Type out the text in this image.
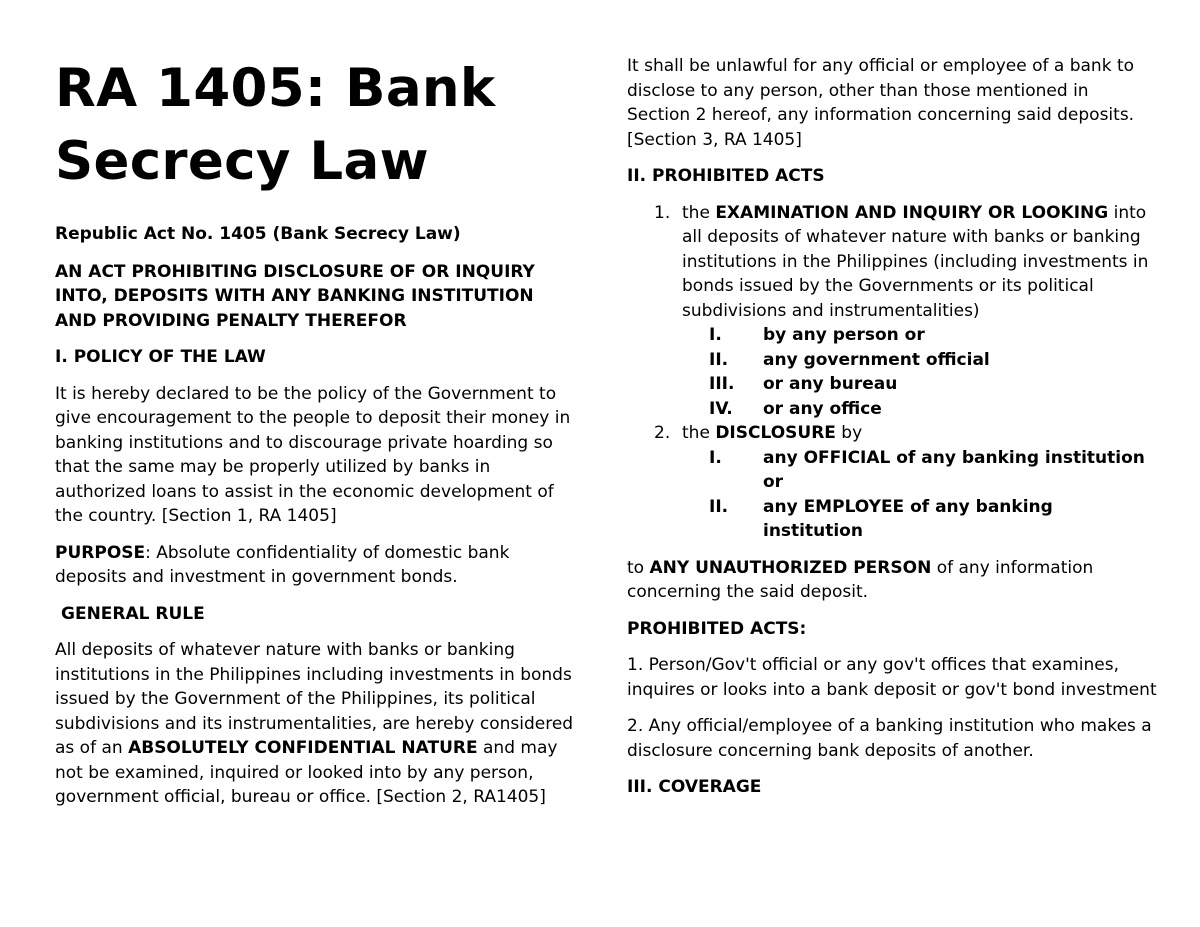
RA 1405: Bank
Secrecy Law

Republic Act No. 1405 (Bank Secrecy Law)

AN ACT PROHIBITING DISCLOSURE OF OR INQUIRY INTO, DEPOSITS WITH ANY BANKING INSTITUTION AND PROVIDING PENALTY THEREFOR

I. POLICY OF THE LAW

It is hereby declared to be the policy of the Government to give encouragement to the people to deposit their money in banking institutions and to discourage private hoarding so that the same may be properly utilized by banks in authorized loans to assist in the economic development of the country. [Section 1, RA 1405]

PURPOSE: Absolute confidentiality of domestic bank deposits and investment in government bonds.

GENERAL RULE

All deposits of whatever nature with banks or banking institutions in the Philippines including investments in bonds issued by the Government of the Philippines, its political subdivisions and its instrumentalities, are hereby considered as of an ABSOLUTELY CONFIDENTIAL NATURE and may not be examined, inquired or looked into by any person, government official, bureau or office. [Section 2, RA1405]

It shall be unlawful for any official or employee of a bank to disclose to any person, other than those mentioned in Section 2 hereof, any information concerning said deposits. [Section 3, RA 1405]

II. PROHIBITED ACTS

1. the EXAMINATION AND INQUIRY OR LOOKING into all deposits of whatever nature with banks or banking institutions in the Philippines (including investments in bonds issued by the Governments or its political subdivisions and instrumentalities)
I. by any person or
II. any government official
III. or any bureau
IV. or any office
2. the DISCLOSURE by
I. any OFFICIAL of any banking institution or
II. any EMPLOYEE of any banking institution

to ANY UNAUTHORIZED PERSON of any information concerning the said deposit.

PROHIBITED ACTS:

1. Person/Gov't official or any gov't offices that examines, inquires or looks into a bank deposit or gov't bond investment

2. Any official/employee of a banking institution who makes a disclosure concerning bank deposits of another.

III. COVERAGE
